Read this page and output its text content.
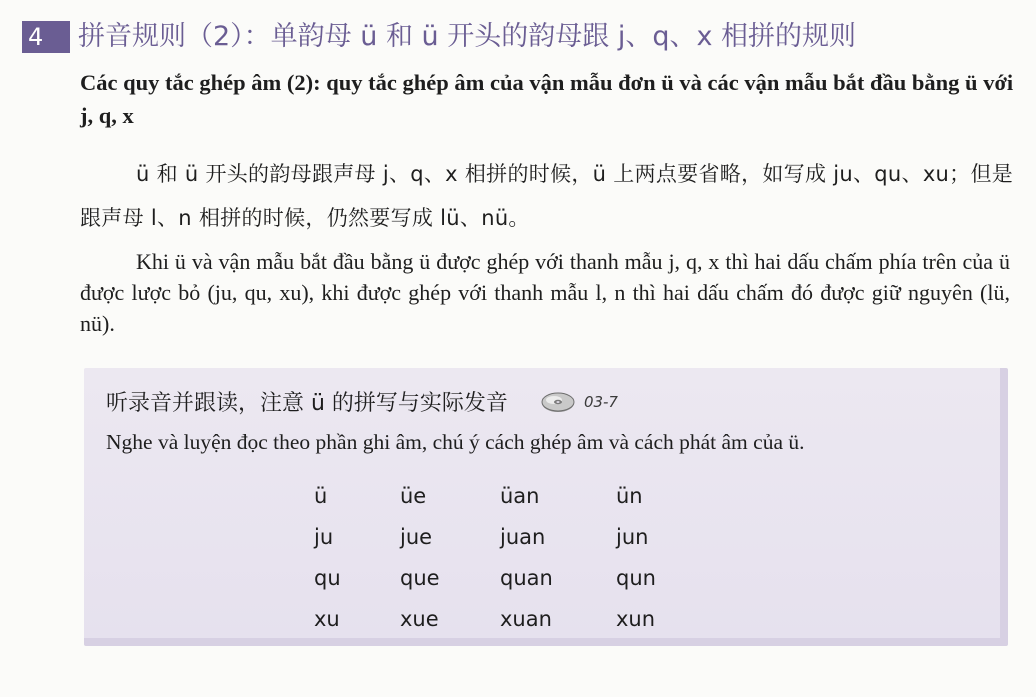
4	拼音规则（2）：单韵母 ü 和 ü 开头的韵母跟 j、q、x 相拼的规则
Các quy tắc ghép âm (2): quy tắc ghép âm của vận mẫu đơn ü và các vận mẫu bắt đầu bằng ü với j, q, x
ü 和 ü 开头的韵母跟声母 j、q、x 相拼的时候，ü 上两点要省略，如写成 ju、qu、xu；但是跟声母 l、n 相拼的时候，仍然要写成 lü、nü。
Khi ü và vận mẫu bắt đầu bằng ü được ghép với thanh mẫu j, q, x thì hai dấu chấm phía trên của ü được lược bỏ (ju, qu, xu), khi được ghép với thanh mẫu l, n thì hai dấu chấm đó được giữ nguyên (lü, nü).
听录音并跟读，注意 ü 的拼写与实际发音	03-7
Nghe và luyện đọc theo phần ghi âm, chú ý cách ghép âm và cách phát âm của ü.
ü	üe	üan	ün
ju	jue	juan	jun
qu	que	quan	qun
xu	xue	xuan	xun
